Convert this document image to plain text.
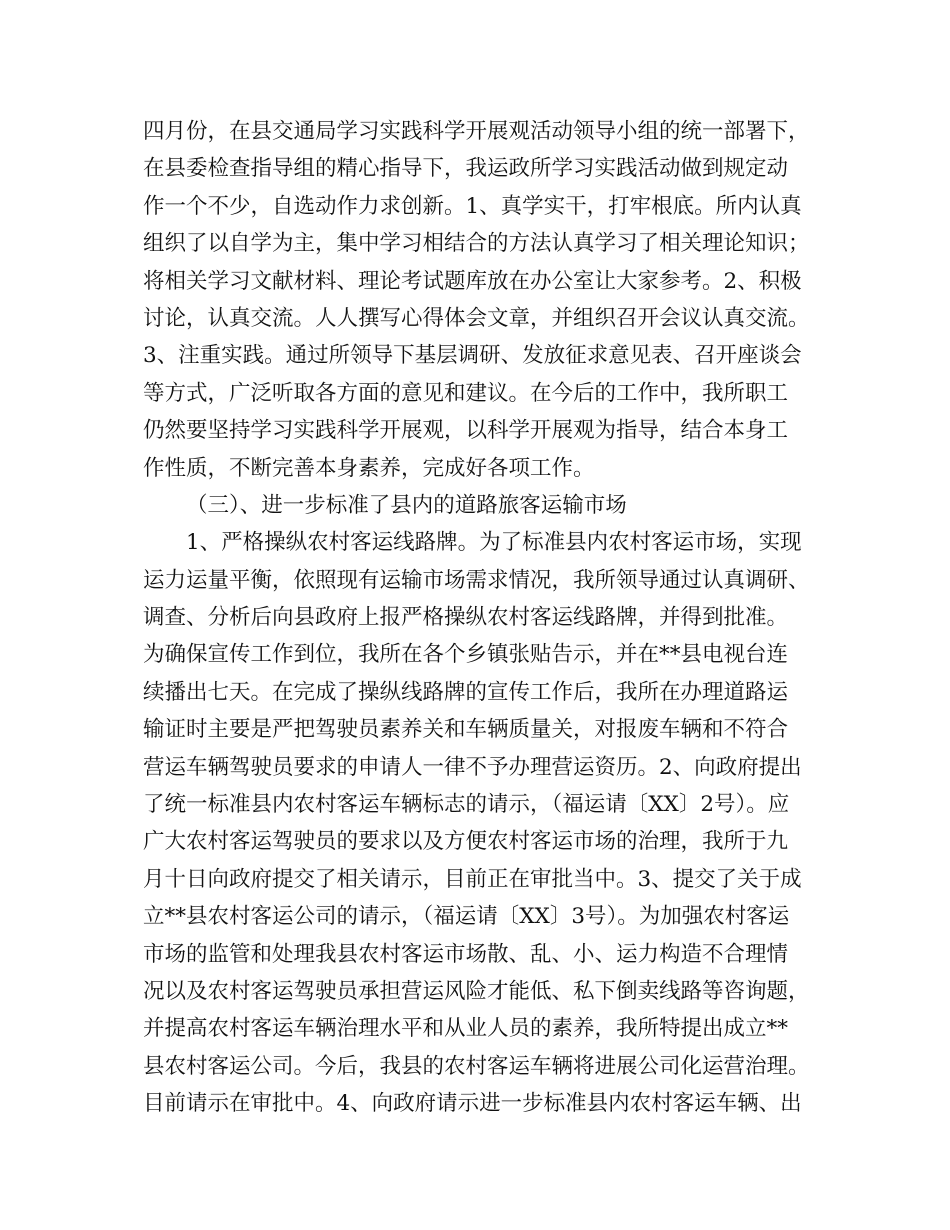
四月份，在县交通局学习实践科学开展观活动领导小组的统一部署下，
在县委检查指导组的精心指导下，我运政所学习实践活动做到规定动
作一个不少，自选动作力求创新。1、真学实干，打牢根底。所内认真
组织了以自学为主，集中学习相结合的方法认真学习了相关理论知识；
将相关学习文献材料、理论考试题库放在办公室让大家参考。2、积极
讨论，认真交流。人人撰写心得体会文章，并组织召开会议认真交流。
3、注重实践。通过所领导下基层调研、发放征求意见表、召开座谈会
等方式，广泛听取各方面的意见和建议。在今后的工作中，我所职工
仍然要坚持学习实践科学开展观，以科学开展观为指导，结合本身工
作性质，不断完善本身素养，完成好各项工作。
（三）、进一步标准了县内的道路旅客运输市场
1、严格操纵农村客运线路牌。为了标准县内农村客运市场，实现
运力运量平衡，依照现有运输市场需求情况，我所领导通过认真调研、
调查、分析后向县政府上报严格操纵农村客运线路牌，并得到批准。
为确保宣传工作到位，我所在各个乡镇张贴告示，并在**县电视台连
续播出七天。在完成了操纵线路牌的宣传工作后，我所在办理道路运
输证时主要是严把驾驶员素养关和车辆质量关，对报废车辆和不符合
营运车辆驾驶员要求的申请人一律不予办理营运资历。2、向政府提出
了统一标准县内农村客运车辆标志的请示，（福运请〔XX〕2号）。应
广大农村客运驾驶员的要求以及方便农村客运市场的治理，我所于九
月十日向政府提交了相关请示，目前正在审批当中。3、提交了关于成
立**县农村客运公司的请示，（福运请〔XX〕3号）。为加强农村客运
市场的监管和处理我县农村客运市场散、乱、小、运力构造不合理情
况以及农村客运驾驶员承担营运风险才能低、私下倒卖线路等咨询题，
并提高农村客运车辆治理水平和从业人员的素养，我所特提出成立**
县农村客运公司。今后，我县的农村客运车辆将进展公司化运营治理。
目前请示在审批中。4、向政府请示进一步标准县内农村客运车辆、出
